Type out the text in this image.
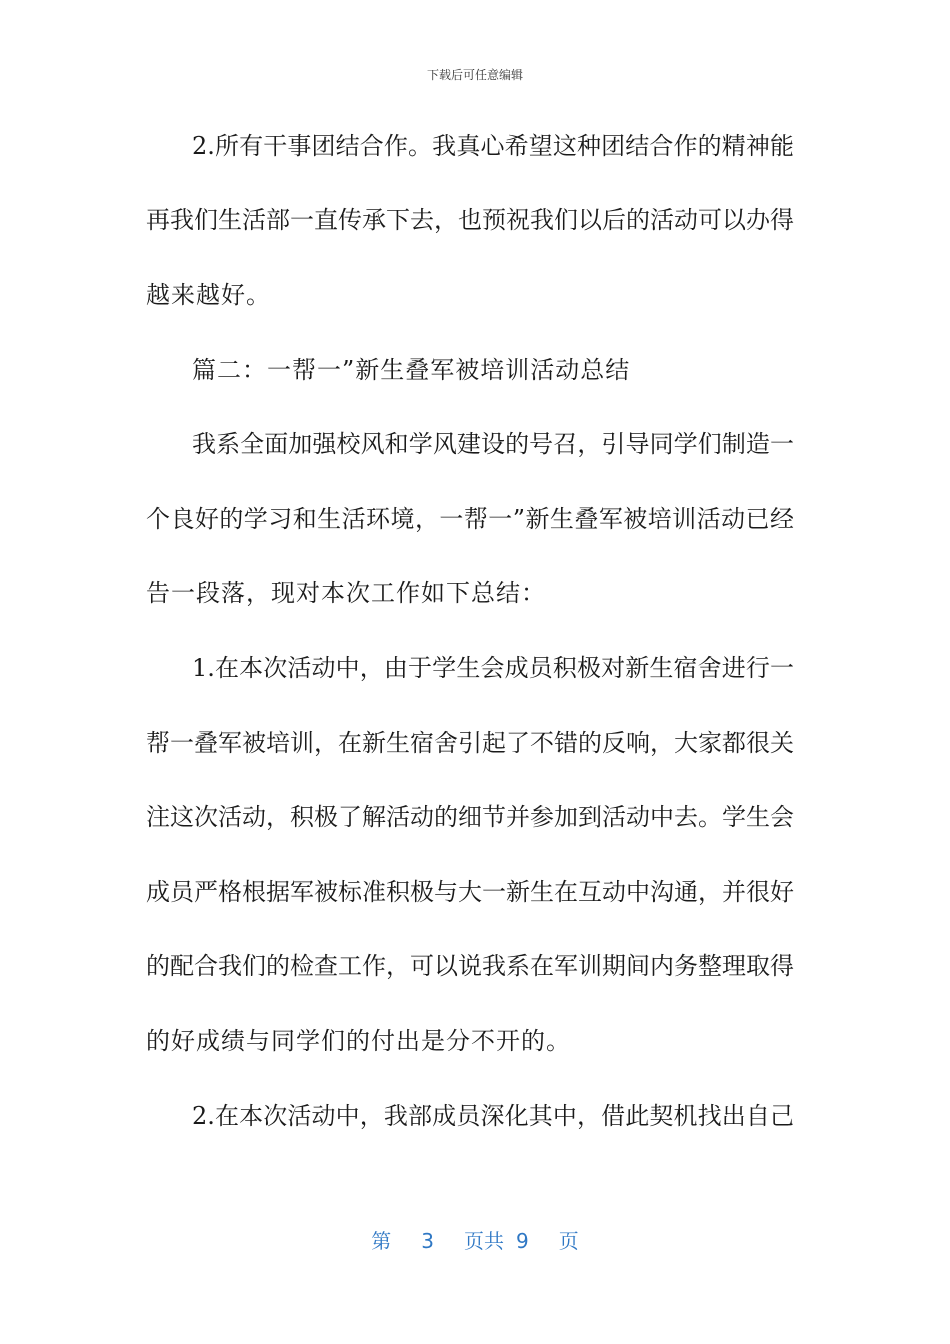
下载后可任意编辑
2.所有干事团结合作。我真心希望这种团结合作的精神能
再我们生活部一直传承下去，也预祝我们以后的活动可以办得
越来越好。
篇二：一帮一”新生叠军被培训活动总结
我系全面加强校风和学风建设的号召，引导同学们制造一
个良好的学习和生活环境，一帮一”新生叠军被培训活动已经
告一段落，现对本次工作如下总结：
1.在本次活动中，由于学生会成员积极对新生宿舍进行一
帮一叠军被培训，在新生宿舍引起了不错的反响，大家都很关
注这次活动，积极了解活动的细节并参加到活动中去。学生会
成员严格根据军被标准积极与大一新生在互动中沟通，并很好
的配合我们的检查工作，可以说我系在军训期间内务整理取得
的好成绩与同学们的付出是分不开的。
2.在本次活动中，我部成员深化其中，借此契机找出自己
第 3 页共 9 页
